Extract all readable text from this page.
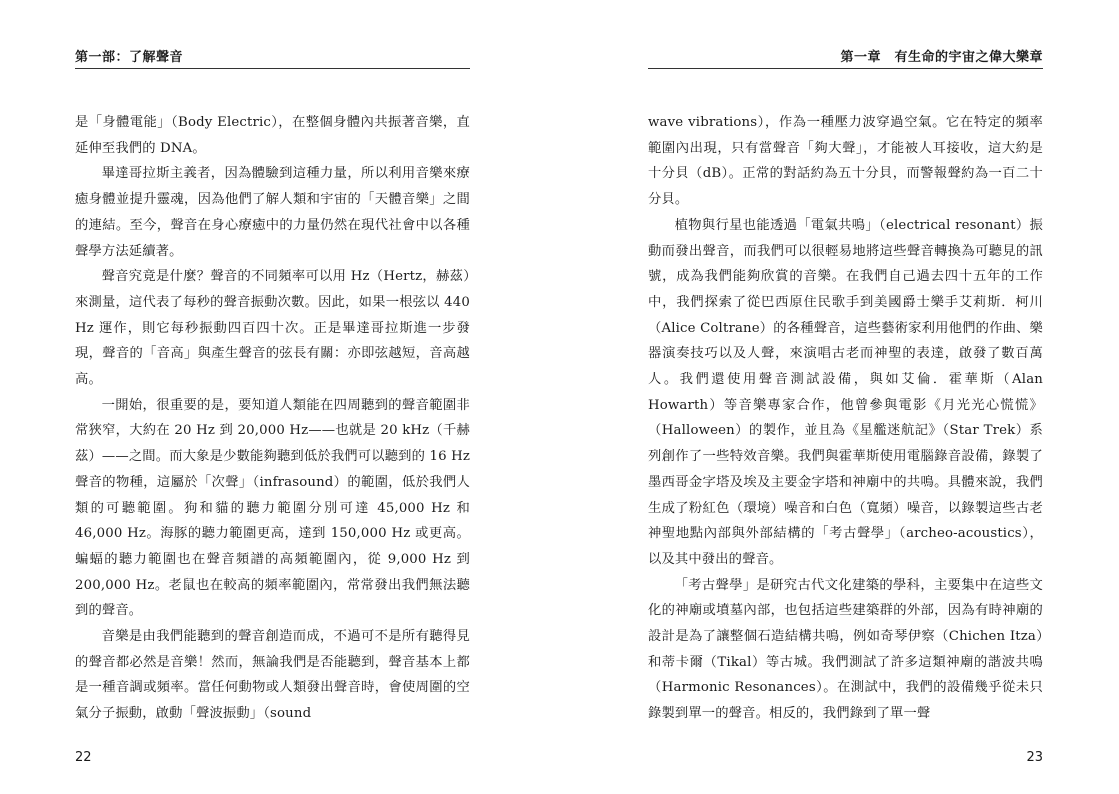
第一部：了解聲音

是「身體電能」（Body Electric），在整個身體內共振著音樂，直延伸至我們的 DNA。

畢達哥拉斯主義者，因為體驗到這種力量，所以利用音樂來療癒身體並提升靈魂，因為他們了解人類和宇宙的「天體音樂」之間的連結。至今，聲音在身心療癒中的力量仍然在現代社會中以各種聲學方法延續著。

聲音究竟是什麼？聲音的不同頻率可以用 Hz（Hertz，赫茲）來測量，這代表了每秒的聲音振動次數。因此，如果一根弦以 440 Hz 運作，則它每秒振動四百四十次。正是畢達哥拉斯進一步發現，聲音的「音高」與產生聲音的弦長有關：亦即弦越短，音高越高。

一開始，很重要的是，要知道人類能在四周聽到的聲音範圍非常狹窄，大約在 20 Hz 到 20,000 Hz——也就是 20 kHz（千赫茲）——之間。而大象是少數能夠聽到低於我們可以聽到的 16 Hz 聲音的物種，這屬於「次聲」（infrasound）的範圍，低於我們人類的可聽範圍。狗和貓的聽力範圍分別可達 45,000 Hz 和 46,000 Hz。海豚的聽力範圍更高，達到 150,000 Hz 或更高。蝙蝠的聽力範圍也在聲音頻譜的高頻範圍內，從 9,000 Hz 到 200,000 Hz。老鼠也在較高的頻率範圍內，常常發出我們無法聽到的聲音。

音樂是由我們能聽到的聲音創造而成，不過可不是所有聽得見的聲音都必然是音樂！然而，無論我們是否能聽到，聲音基本上都是一種音調或頻率。當任何動物或人類發出聲音時，會使周圍的空氣分子振動，啟動「聲波振動」（sound

22
第一章　有生命的宇宙之偉大樂章

wave vibrations），作為一種壓力波穿過空氣。它在特定的頻率範圍內出現，只有當聲音「夠大聲」，才能被人耳接收，這大約是十分貝（dB）。正常的對話約為五十分貝，而警報聲約為一百二十分貝。

植物與行星也能透過「電氣共鳴」（electrical resonant）振動而發出聲音，而我們可以很輕易地將這些聲音轉換為可聽見的訊號，成為我們能夠欣賞的音樂。在我們自己過去四十五年的工作中，我們探索了從巴西原住民歌手到美國爵士樂手艾莉斯．柯川（Alice Coltrane）的各種聲音，這些藝術家利用他們的作曲、樂器演奏技巧以及人聲，來演唱古老而神聖的表達，啟發了數百萬人。我們還使用聲音測試設備，與如艾倫．霍華斯（Alan Howarth）等音樂專家合作，他曾參與電影《月光光心慌慌》（Halloween）的製作，並且為《星艦迷航記》（Star Trek）系列創作了一些特效音樂。我們與霍華斯使用電腦錄音設備，錄製了墨西哥金字塔及埃及主要金字塔和神廟中的共鳴。具體來說，我們生成了粉紅色（環境）噪音和白色（寬頻）噪音，以錄製這些古老神聖地點內部與外部結構的「考古聲學」（archeo-acoustics），以及其中發出的聲音。

「考古聲學」是研究古代文化建築的學科，主要集中在這些文化的神廟或墳墓內部，也包括這些建築群的外部，因為有時神廟的設計是為了讓整個石造結構共鳴，例如奇琴伊察（Chichen Itza）和蒂卡爾（Tikal）等古城。我們測試了許多這類神廟的諧波共鳴（Harmonic Resonances）。在測試中，我們的設備幾乎從未只錄製到單一的聲音。相反的，我們錄到了單一聲

23
